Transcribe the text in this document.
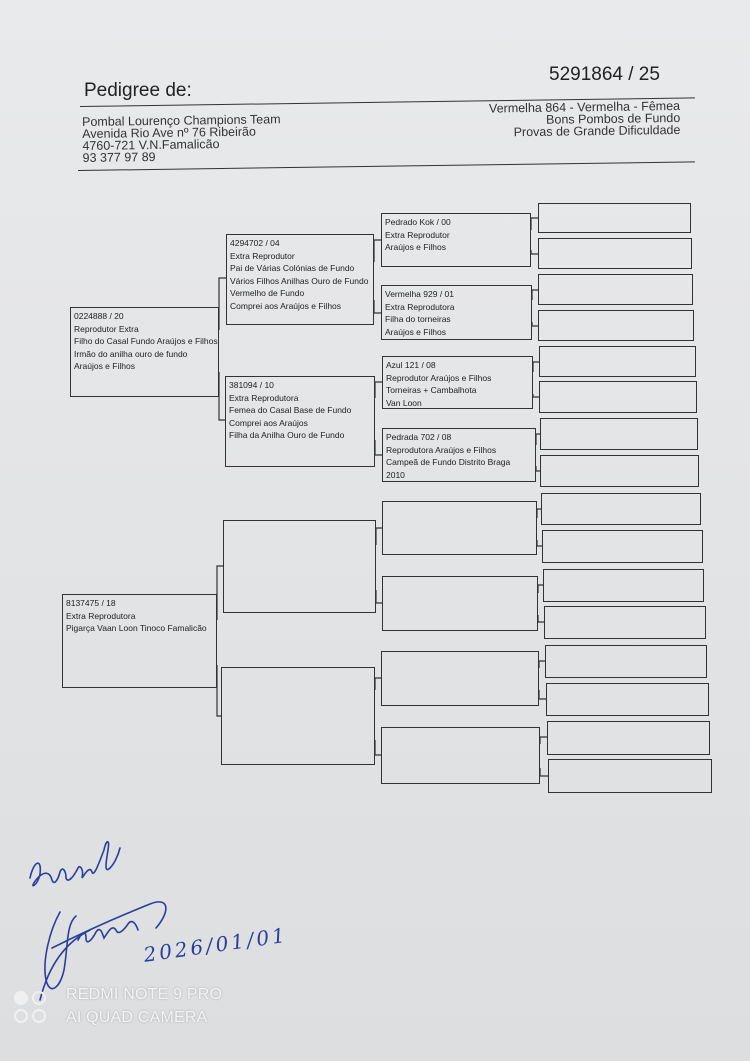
Pedigree de:
5291864 / 25
Pombal Lourenço Champions Team
Avenida Rio Ave nº 76 Ribeirão
4760-721 V.N.Famalicão
93 377 97 89
Vermelha 864 - Vermelha - Fêmea
Bons Pombos de Fundo
Provas de Grande Dificuldade
0224888 / 20
Reprodutor Extra
Filho do Casal Fundo Araújos e Filhos
Irmão do anilha ouro de fundo
Araújos e Filhos
8137475 / 18
Extra Reprodutora
Pigarça Vaan Loon Tinoco Famalicão
4294702 / 04
Extra Reprodutor
Pai de Várias Colónias de Fundo
Vários Filhos Anilhas Ouro de Fundo
Vermelho de Fundo
Comprei aos Araújos e Filhos
381094 / 10
Extra Reprodutora
Femea do Casal Base de Fundo
Comprei aos Araújos
Filha da Anilha Ouro de Fundo
Pedrado Kok / 00
Extra Reprodutor
Araújos e Filhos
Vermelha 929 / 01
Extra Reprodutora
Filha do torneiras
Araújos e Filhos
Azul 121 / 08
Reprodutor Araújos e Filhos
Torneiras + Cambalhota
Van Loon
Pedrada 702 / 08
Reprodutora Araújos e Filhos
Campeã de Fundo Distrito Braga
2010
2026/01/01
REDMI NOTE 9 PRO
AI QUAD CAMERA
